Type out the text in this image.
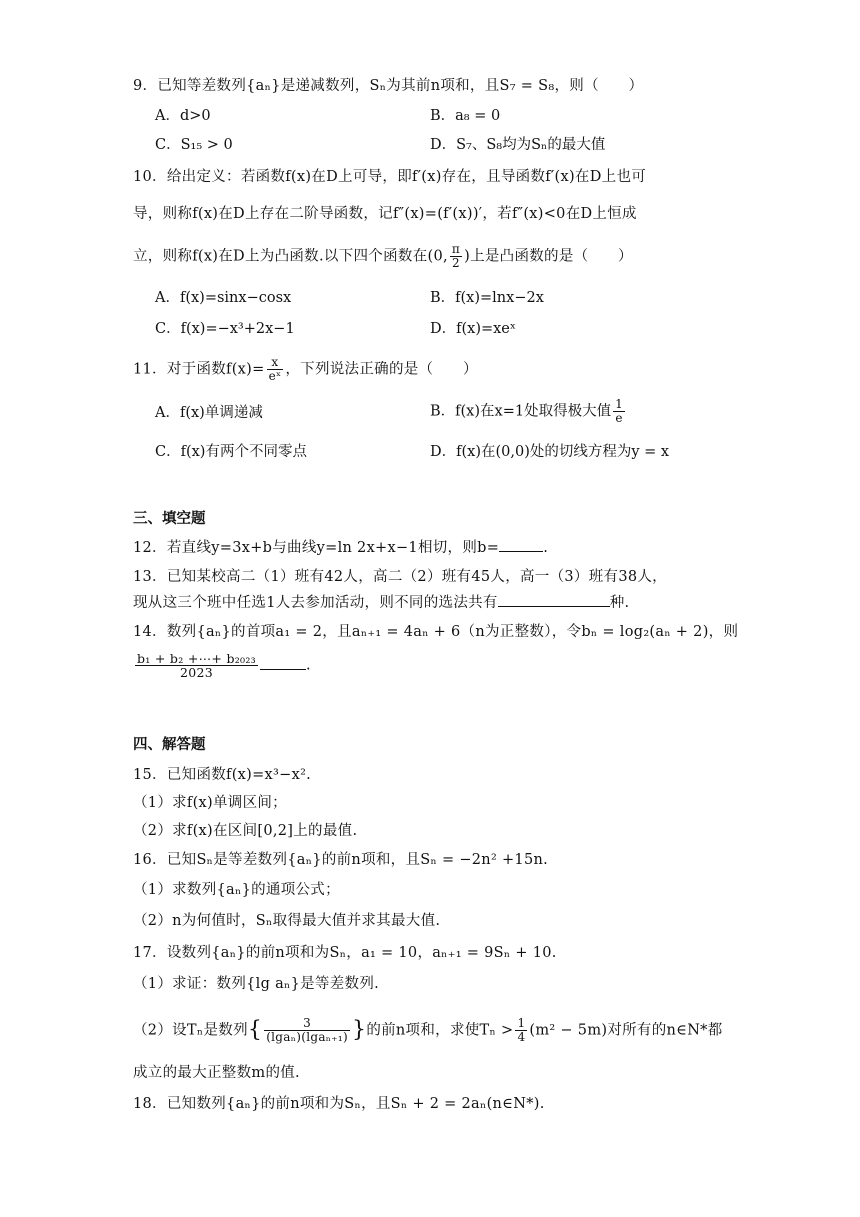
9．已知等差数列{aₙ}是递减数列，Sₙ为其前n项和，且S₇ = S₈，则（　　）
A．d>0	B．a₈ = 0
C．S₁₅ > 0	D．S₇、S₈均为Sₙ的最大值
10．给出定义：若函数f(x)在D上可导，即f′(x)存在，且导函数f′(x)在D上也可
导，则称f(x)在D上存在二阶导函数，记f″(x)=(f′(x))′，若f″(x)<0在D上恒成
立，则称f(x)在D上为凸函数.以下四个函数在(0, $\frac{\pi}{2}$ )上是凸函数的是（　　）
A．f(x)=sinx−cosx	B．f(x)=lnx−2x
C．f(x)=−x³+2x−1	D．f(x)=xeˣ
11．对于函数$f(x)= \frac{x}{\text{eˣ}}$ ，下列说法正确的是（　　）
A．f(x)单调递减	B．f(x)在x=1处取得极大值 $\frac{1}{e}$
C．f(x)有两个不同零点	D．f(x)在(0,0)处的切线方程为y = x
三、填空题
12．若直线y=3x+b与曲线y=ln 2x+x−1相切，则b=	.
13．已知某校高二（1）班有42人，高二（2）班有45人，高一（3）班有38人，
现从这三个班中任选1人去参加活动，则不同的选法共有	种.
14．数列{aₙ}的首项a₁ = 2，且aₙ₊₁ = 4aₙ + 6（n为正整数），令bₙ = log₂(aₙ + 2)，则
$\frac{\text{b₁ + b₂ +⋯+ b₂₀₂₃}}{2023}$	.
四、解答题
15．已知函数f(x)=x³−x².
（1）求f(x)单调区间；
（2）求f(x)在区间[0,2]上的最值.
16．已知Sₙ是等差数列{aₙ}的前n项和，且Sₙ = −2n² +15n.
（1）求数列{aₙ}的通项公式；
（2）n为何值时，Sₙ取得最大值并求其最大值.
17．设数列{aₙ}的前n项和为Sₙ，a₁ = 10，aₙ₊₁ = 9Sₙ + 10.
（1）求证：数列{lg aₙ}是等差数列.
（2）设Tₙ是数列{ $\frac{3}{\text{(lgaₙ)(lgaₙ₊₁)}}$ }的前n项和，求使$T_n > \frac{1}{4} (m^2 - 5m)$对所有的n∈N*都
成立的最大正整数m的值.
18．已知数列{aₙ}的前n项和为Sₙ，且Sₙ + 2 = 2aₙ(n∈N*).
